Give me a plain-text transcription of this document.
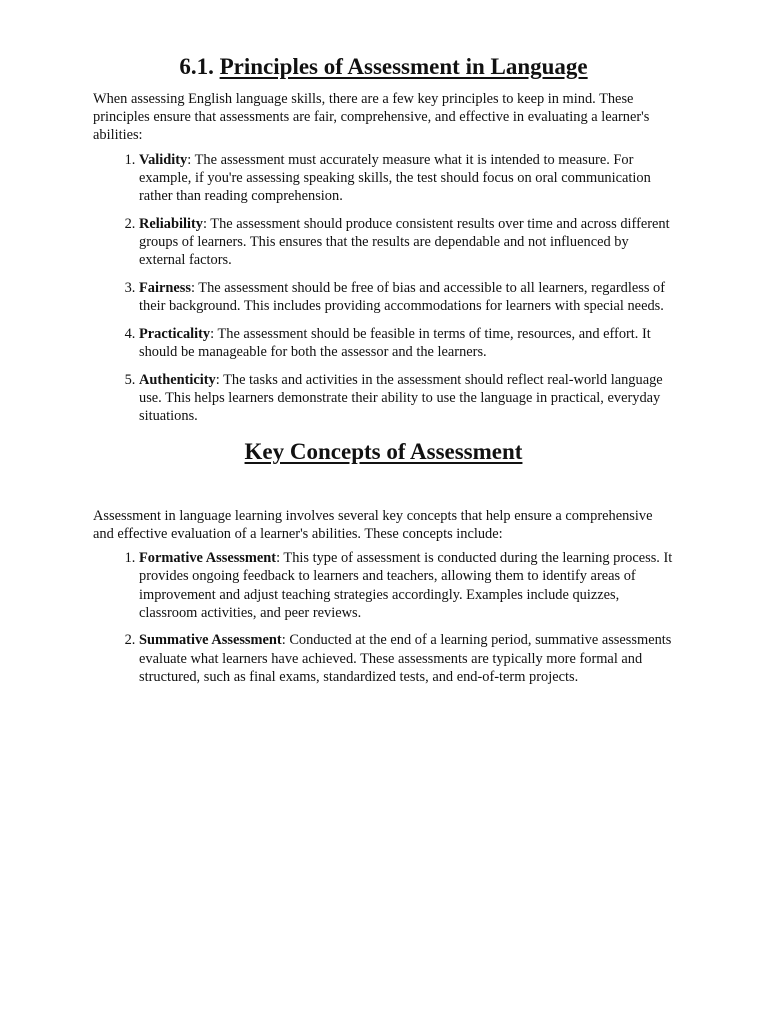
6.1. Principles of Assessment in Language

When assessing English language skills, there are a few key principles to keep in mind. These principles ensure that assessments are fair, comprehensive, and effective in evaluating a learner's abilities:

1. Validity: The assessment must accurately measure what it is intended to measure. For example, if you're assessing speaking skills, the test should focus on oral communication rather than reading comprehension.
2. Reliability: The assessment should produce consistent results over time and across different groups of learners. This ensures that the results are dependable and not influenced by external factors.
3. Fairness: The assessment should be free of bias and accessible to all learners, regardless of their background. This includes providing accommodations for learners with special needs.
4. Practicality: The assessment should be feasible in terms of time, resources, and effort. It should be manageable for both the assessor and the learners.
5. Authenticity: The tasks and activities in the assessment should reflect real-world language use. This helps learners demonstrate their ability to use the language in practical, everyday situations.
Key Concepts of Assessment

Assessment in language learning involves several key concepts that help ensure a comprehensive and effective evaluation of a learner's abilities. These concepts include:

1. Formative Assessment: This type of assessment is conducted during the learning process. It provides ongoing feedback to learners and teachers, allowing them to identify areas of improvement and adjust teaching strategies accordingly. Examples include quizzes, classroom activities, and peer reviews.
2. Summative Assessment: Conducted at the end of a learning period, summative assessments evaluate what learners have achieved. These assessments are typically more formal and structured, such as final exams, standardized tests, and end-of-term projects.
